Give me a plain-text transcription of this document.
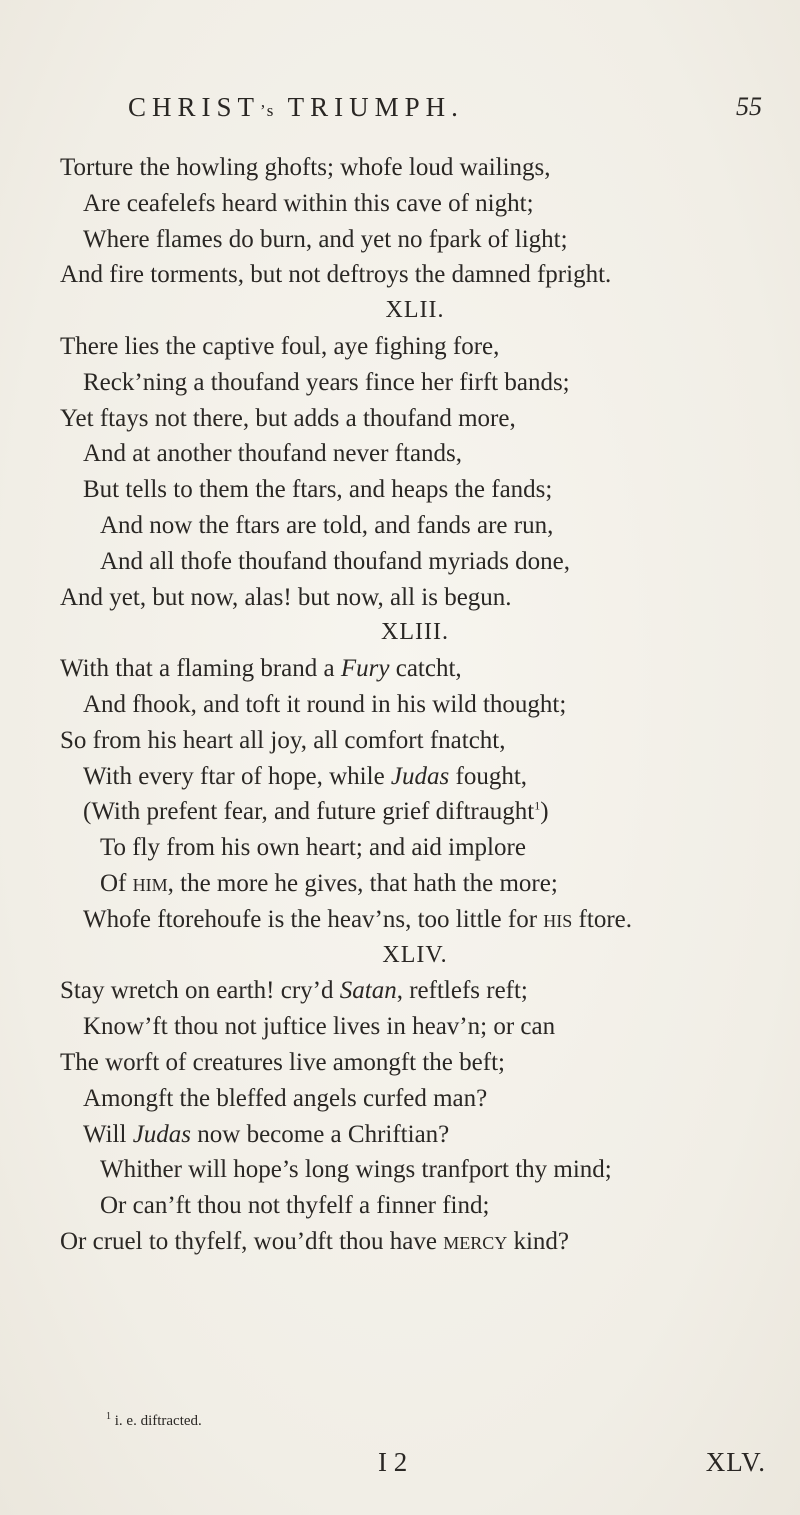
CHRIST’s TRIUMPH.	55
Torture the howling ghofts; whofe loud wailings,
Are ceafelefs heard within this cave of night;
Where flames do burn, and yet no fpark of light;
And fire torments, but not deftroys the damned fpright.
XLII.
There lies the captive foul, aye fighing fore,
Reck’ning a thoufand years fince her firft bands;
Yet ftays not there, but adds a thoufand more,
And at another thoufand never ftands,
But tells to them the ftars, and heaps the fands;
And now the ftars are told, and fands are run,
And all thofe thoufand thoufand myriads done,
And yet, but now, alas! but now, all is begun.
XLIII.
With that a flaming brand a Fury catcht,
And fhook, and toft it round in his wild thought;
So from his heart all joy, all comfort fnatcht,
With every ftar of hope, while Judas fought,
(With prefent fear, and future grief diftraught$^1$)
To fly from his own heart; and aid implore
Of him, the more he gives, that hath the more;
Whofe ftorehoufe is the heav’ns, too little for his ftore.
XLIV.
Stay wretch on earth! cry’d Satan, reftlefs reft;
Know’ft thou not juftice lives in heav’n; or can
The worft of creatures live amongft the beft;
Amongft the bleffed angels curfed man?
Will Judas now become a Chriftian?
Whither will hope’s long wings tranfport thy mind;
Or can’ft thou not thyfelf a finner find;
Or cruel to thyfelf, wou’dft thou have mercy kind?
$^1$ i. e. diftracted.
I 2	XLV.
